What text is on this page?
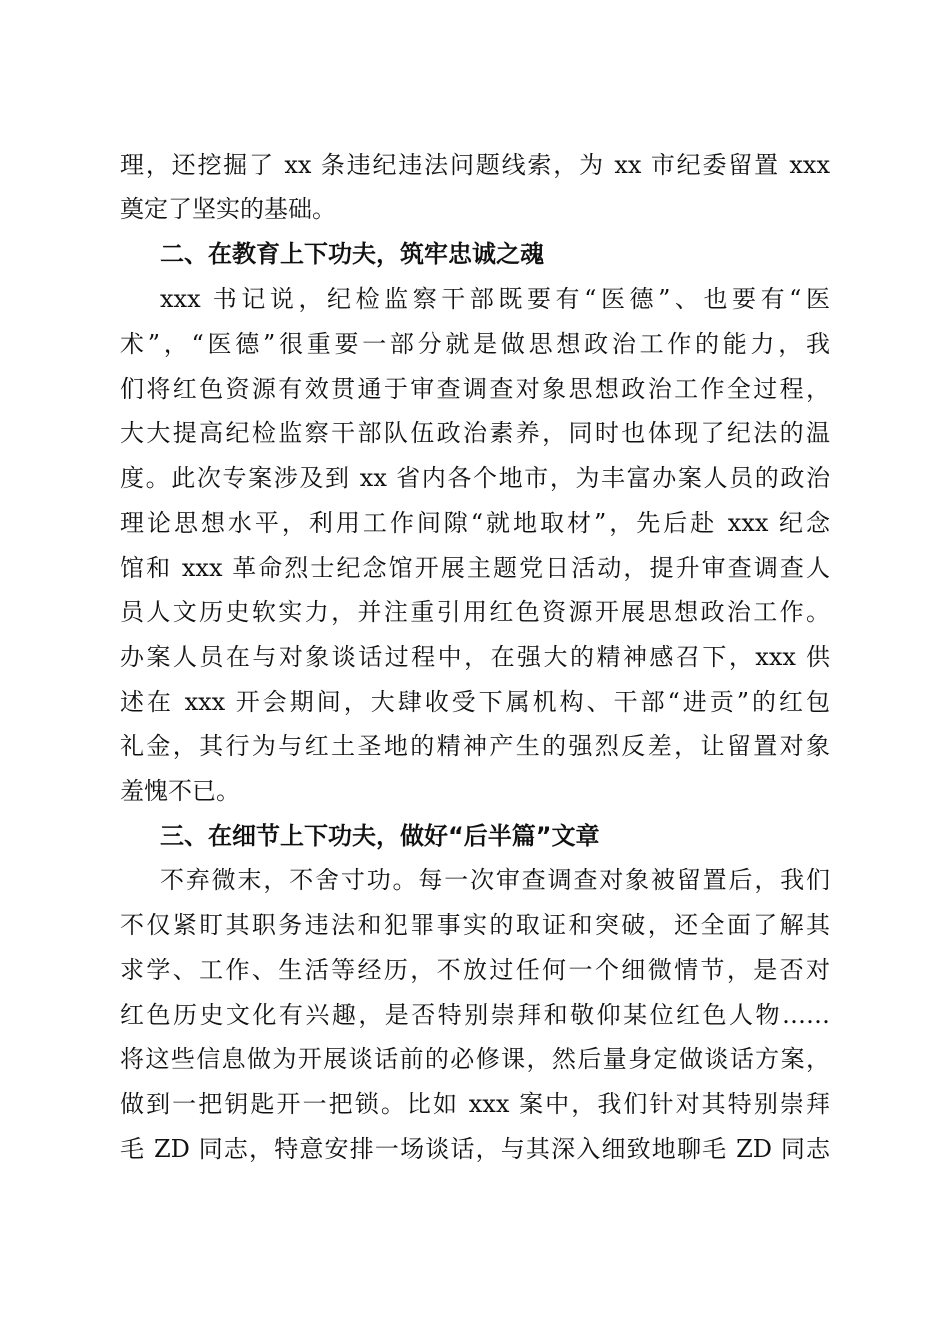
理，还挖掘了 xx 条违纪违法问题线索，为 xx 市纪委留置 xxx
奠定了坚实的基础。
二、在教育上下功夫，筑牢忠诚之魂
xxx 书记说，纪检监察干部既要有“医德”、也要有“医
术”，“医德”很重要一部分就是做思想政治工作的能力，我
们将红色资源有效贯通于审查调查对象思想政治工作全过程，
大大提高纪检监察干部队伍政治素养，同时也体现了纪法的温
度。此次专案涉及到 xx 省内各个地市，为丰富办案人员的政治
理论思想水平，利用工作间隙“就地取材”，先后赴 xxx 纪念
馆和 xxx 革命烈士纪念馆开展主题党日活动，提升审查调查人
员人文历史软实力，并注重引用红色资源开展思想政治工作。
办案人员在与对象谈话过程中，在强大的精神感召下，xxx 供
述在 xxx 开会期间，大肆收受下属机构、干部“进贡”的红包
礼金，其行为与红土圣地的精神产生的强烈反差，让留置对象
羞愧不已。
三、在细节上下功夫，做好“后半篇”文章
不弃微末，不舍寸功。每一次审查调查对象被留置后，我们
不仅紧盯其职务违法和犯罪事实的取证和突破，还全面了解其
求学、工作、生活等经历，不放过任何一个细微情节，是否对
红色历史文化有兴趣，是否特别崇拜和敬仰某位红色人物……
将这些信息做为开展谈话前的必修课，然后量身定做谈话方案，
做到一把钥匙开一把锁。比如 xxx 案中，我们针对其特别崇拜
毛 ZD 同志，特意安排一场谈话，与其深入细致地聊毛 ZD 同志
